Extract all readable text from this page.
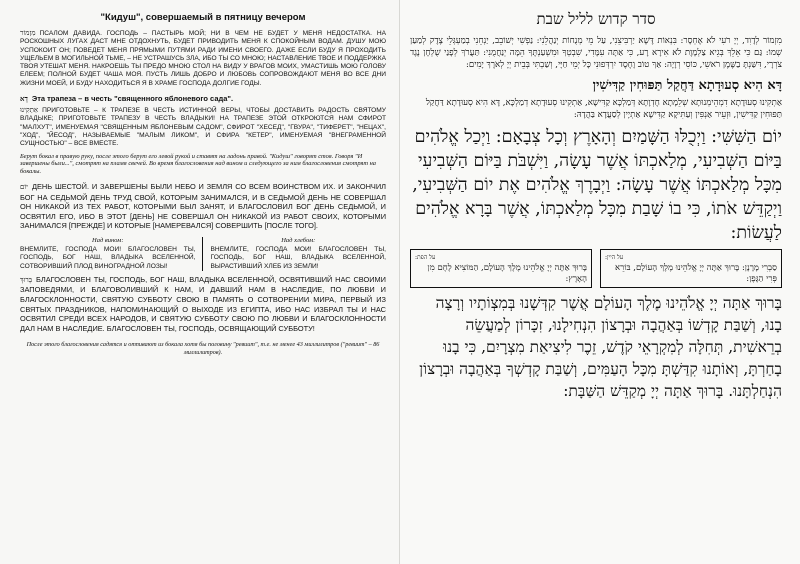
"Кидуш", совершаемый в пятницу вечером

מִזְמוֹר ПСАЛОМ ДАВИДА. ГОСПОДЬ – ПАСТЫРЬ МОЙ; НИ В ЧЕМ НЕ БУДЕТ У МЕНЯ НЕДОСТАТКА. НА РОСКОШНЫХ ЛУГАХ ДАСТ МНЕ ОТДОХНУТЬ, БУДЕТ ПРИВОДИТЬ МЕНЯ К СПОКОЙНЫМ ВОДАМ. ДУШУ МОЮ УСПОКОИТ ОН; ПОВЕДЕТ МЕНЯ ПРЯМЫМИ ПУТЯМИ РАДИ ИМЕНИ СВОЕГО. ДАЖЕ ЕСЛИ БУДУ Я ПРОХОДИТЬ УЩЕЛЬЕМ В МОГИЛЬНОЙ ТЬМЕ, – НЕ УСТРАШУСЬ ЗЛА, ИБО ТЫ СО МНОЮ; НАСТАВЛЕНИЕ ТВОЕ И ПОДДЕРЖКА ТВОЯ УТЕШАТ МЕНЯ. НАКРОЕШЬ ТЫ ПРЕДО МНОЮ СТОЛ НА ВИДУ У ВРАГОВ МОИХ, УМАСТИШЬ МОЮ ГОЛОВУ ЕЛЕЕМ; ПОЛНОЙ БУДЕТ ЧАША МОЯ. ПУСТЬ ЛИШЬ ДОБРО И ЛЮБОВЬ СОПРОВОЖДАЮТ МЕНЯ ВО ВСЕ ДНИ ЖИЗНИ МОЕЙ, И БУДУ НАХОДИТЬСЯ Я В ХРАМЕ ГОСПОДА ДОЛГИЕ ГОДЫ.

דָא Эта трапеза – в честь "священного яблоневого сада".

אַתְקִינוּ ПРИГОТОВЬТЕ – К ТРАПЕЗЕ В ЧЕСТЬ ИСТИННОЙ ВЕРЫ, ЧТОБЫ ДОСТАВИТЬ РАДОСТЬ СВЯТОМУ ВЛАДЫКЕ; ПРИГОТОВЬТЕ ТРАПЕЗУ В ЧЕСТЬ ВЛАДЫКИ! НА ТРАПЕЗЕ ЭТОЙ ОТКРОЮТСЯ НАМ СФИРОТ "МАЛХУТ", ИМЕНУЕМАЯ "СВЯЩЕННЫМ ЯБЛОНЕВЫМ САДОМ", СФИРОТ "ХЕСЕД", "ГВУРА", "ТИФЕРЕТ", "НЕЦАХ", "ХОД", "ЙЕСОД", НАЗЫВАЕМЫЕ "МАЛЫМ ЛИКОМ", И СФИРА "КЕТЕР", ИМЕНУЕМАЯ "ВНЕГРАМЕННОЙ СУЩНОСТЬЮ" – ВСЕ ВМЕСТЕ.

Берут бокал в правую руку, после этого берут его левой рукой и ставят на ладонь правой. "Кидуш" говорят стоя. Говоря "И завершены были...", смотрят на пламя свечей. Во время благословения над вином и следующего за ним благословения смотрят на бокалы.

יוֹם ДЕНЬ ШЕСТОЙ. И ЗАВЕРШЕНЫ БЫЛИ НЕБО И ЗЕМЛЯ СО ВСЕМ ВОИНСТВОМ ИХ. И ЗАКОНЧИЛ БОГ НА СЕДЬМОЙ ДЕНЬ ТРУД СВОЙ, КОТОРЫМ ЗАНИМАЛСЯ, И В СЕДЬМОЙ ДЕНЬ НЕ СОВЕРШАЛ ОН НИКАКОЙ ИЗ ТЕХ РАБОТ, КОТОРЫМИ БЫЛ ЗАНЯТ, И БЛАГОСЛОВИЛ БОГ ДЕНЬ СЕДЬМОЙ, И ОСВЯТИЛ ЕГО, ИБО В ЭТОТ [ДЕНЬ] НЕ СОВЕРШАЛ ОН НИКАКОЙ ИЗ РАБОТ СВОИХ, КОТОРЫМИ ЗАНИМАЛСЯ [ПРЕЖДЕ] И КОТОРЫЕ [НАМЕРЕВАЛСЯ] СОВЕРШИТЬ [ПОСЛЕ ТОГО].

Над вином:

ВНЕМЛИТЕ, ГОСПОДА МОИ! БЛАГОСЛОВЕН ТЫ, ГОСПОДЬ, БОГ НАШ, ВЛАДЫКА ВСЕЛЕННОЙ, СОТВОРИВШИЙ ПЛОД ВИНОГРАДНОЙ ЛОЗЫ!

Над хлебом:

ВНЕМЛИТЕ, ГОСПОДА МОИ! БЛАГОСЛОВЕН ТЫ, ГОСПОДЬ, БОГ НАШ, ВЛАДЫКА ВСЕЛЕННОЙ, ВЫРАСТИВШИЙ ХЛЕБ ИЗ ЗЕМЛИ!

בָּרוּךְ БЛАГОСЛОВЕН ТЫ, ГОСПОДЬ, БОГ НАШ, ВЛАДЫКА ВСЕЛЕННОЙ, ОСВЯТИВШИЙ НАС СВОИМИ ЗАПОВЕДЯМИ, И БЛАГОВОЛИВШИЙ К НАМ, И ДАВШИЙ НАМ В НАСЛЕДИЕ, ПО ЛЮБВИ И БЛАГОСКЛОННОСТИ, СВЯТУЮ СУББОТУ СВОЮ В ПАМЯТЬ О СОТВОРЕНИИ МИРА, ПЕРВЫЙ ИЗ СВЯТЫХ ПРАЗДНИКОВ, НАПОМИНАЮЩИЙ О ВЫХОДЕ ИЗ ЕГИПТА, ИБО НАС ИЗБРАЛ ТЫ И НАС ОСВЯТИЛ СРЕДИ ВСЕХ НАРОДОВ, И СВЯТУЮ СУББОТУ СВОЮ ПО ЛЮБВИ И БЛАГОСКЛОННОСТИ ДАЛ НАМ В НАСЛЕДИЕ. БЛАГОСЛОВЕН ТЫ, ГОСПОДЬ, ОСВЯЩАЮЩИЙ СУББОТУ!

После этого благословения садятся и отпивают из бокала хотя бы половину "ревиит", т.е. не менее 43 миллилитров ("ревиит" – 86 миллилитров).
סדר קדוש לליל שבת

מִזְמוֹר לְדָוִד, יְיָ רֹעִי לֹא אֶחְסָר: בִּנְאוֹת דֶּשֶׁא יַרְבִּיצֵנִי, עַל מֵי מְנֻחוֹת יְנַהֲלֵנִי: נַפְשִׁי יְשׁוֹבֵב, יַנְחֵנִי בְמַעְגְּלֵי צֶדֶק לְמַעַן שְׁמוֹ: גַּם כִּי אֵלֵךְ בְּגֵיא צַלְמָוֶת לֹא אִירָא רָע, כִּי אַתָּה עִמָּדִי, שִׁבְטְךָ וּמִשְׁעַנְתֶּךָ הֵמָּה יְנַחֲמֻנִי: תַּעֲרֹךְ לְפָנַי שֻׁלְחָן נֶגֶד צֹרְרָי, דִּשַּׁנְתָּ בַשֶּׁמֶן רֹאשִׁי, כּוֹסִי רְוָיָה: אַךְ טוֹב וָחֶסֶד יִרְדְּפוּנִי כָּל יְמֵי חַיָּי, וְשַׁבְתִּי בְּבֵית יְיָ לְאֹרֶךְ יָמִים:

דָּא הִיא סְעוּדָתָא דַּחֲקַל תַּפּוּחִין קַדִּישִׁין

אַתְקִינוּ סְעוּדָתָא דִמְהֵימְנוּתָא שְׁלֵמָתָא חֶדְוָתָא דְּמַלְכָּא קַדִּישָׁא, אַתְקִינוּ סְעוּדָתָא דְמַלְכָּא, דָּא הִיא סְעוּדָתָא דַּחֲקַל תַּפּוּחִין קַדִּישִׁין, וּזְעֵיר אַנְפִּין וְעַתִּיקָא קַדִּישָׁא אַתְיָין לְסַעֲדָא בַּהֲדָהּ:

יוֹם הַשִּׁשִּׁי: וַיְכֻלּוּ הַשָּׁמַיִם וְהָאָרֶץ וְכָל צְבָאָם: וַיְכַל אֱלֹהִים בַּיּוֹם הַשְּׁבִיעִי, מְלַאכְתּוֹ אֲשֶׁר עָשָׂה, וַיִּשְׁבֹּת בַּיּוֹם הַשְּׁבִיעִי מִכָּל מְלַאכְתּוֹ אֲשֶׁר עָשָׂה: וַיְבָרֶךְ אֱלֹהִים אֶת יוֹם הַשְּׁבִיעִי, וַיְקַדֵּשׁ אֹתוֹ, כִּי בוֹ שָׁבַת מִכָּל מְלַאכְתּוֹ, אֲשֶׁר בָּרָא אֱלֹהִים לַעֲשׂוֹת:

על היין:
סַבְרִי מָרָנָן: בָּרוּךְ אַתָּה יְיָ אֱלֹהֵינוּ מֶלֶךְ הָעוֹלָם, בּוֹרֵא פְּרִי הַגָּפֶן:
על הפת:
בָּרוּךְ אַתָּה יְיָ אֱלֹהֵינוּ מֶלֶךְ הָעוֹלָם, הַמּוֹצִיא לֶחֶם מִן הָאָרֶץ:

בָּרוּךְ אַתָּה יְיָ אֱלֹהֵינוּ מֶלֶךְ הָעוֹלָם אֲשֶׁר קִדְּשָׁנוּ בְּמִצְוֹתָיו וְרָצָה בָנוּ, וְשַׁבַּת קָדְשׁוֹ בְּאַהֲבָה וּבְרָצוֹן הִנְחִילָנוּ, זִכָּרוֹן לְמַעֲשֵׂה בְרֵאשִׁית, תְּחִלָּה לְמִקְרָאֵי קֹדֶשׁ, זֵכֶר לִיצִיאַת מִצְרָיִם, כִּי בָנוּ בָחַרְתָּ, וְאוֹתָנוּ קִדַּשְׁתָּ מִכָּל הָעַמִּים, וְשַׁבַּת קָדְשְׁךָ בְּאַהֲבָה וּבְרָצוֹן הִנְחַלְתָּנוּ. בָּרוּךְ אַתָּה יְיָ מְקַדֵּשׁ הַשַּׁבָּת:
